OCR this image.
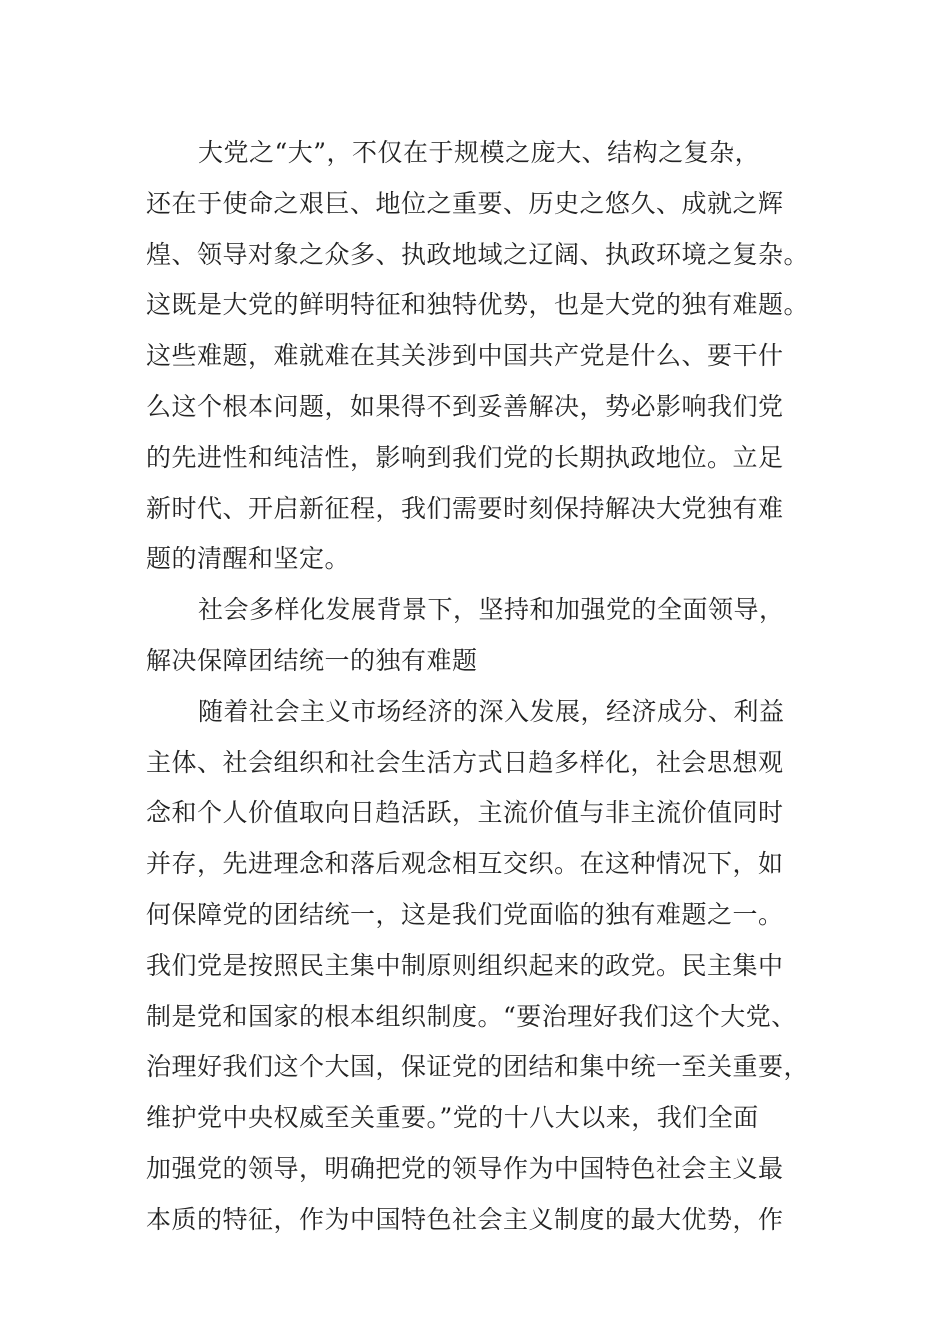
大党之“大”，不仅在于规模之庞大、结构之复杂，
还在于使命之艰巨、地位之重要、历史之悠久、成就之辉
煌、领导对象之众多、执政地域之辽阔、执政环境之复杂。
这既是大党的鲜明特征和独特优势，也是大党的独有难题。
这些难题，难就难在其关涉到中国共产党是什么、要干什
么这个根本问题，如果得不到妥善解决，势必影响我们党
的先进性和纯洁性，影响到我们党的长期执政地位。立足
新时代、开启新征程，我们需要时刻保持解决大党独有难
题的清醒和坚定。
社会多样化发展背景下，坚持和加强党的全面领导，
解决保障团结统一的独有难题
随着社会主义市场经济的深入发展，经济成分、利益
主体、社会组织和社会生活方式日趋多样化，社会思想观
念和个人价值取向日趋活跃，主流价值与非主流价值同时
并存，先进理念和落后观念相互交织。在这种情况下，如
何保障党的团结统一，这是我们党面临的独有难题之一。
我们党是按照民主集中制原则组织起来的政党。民主集中
制是党和国家的根本组织制度。“要治理好我们这个大党、
治理好我们这个大国，保证党的团结和集中统一至关重要，
维护党中央权威至关重要。”党的十八大以来，我们全面
加强党的领导，明确把党的领导作为中国特色社会主义最
本质的特征，作为中国特色社会主义制度的最大优势，作
